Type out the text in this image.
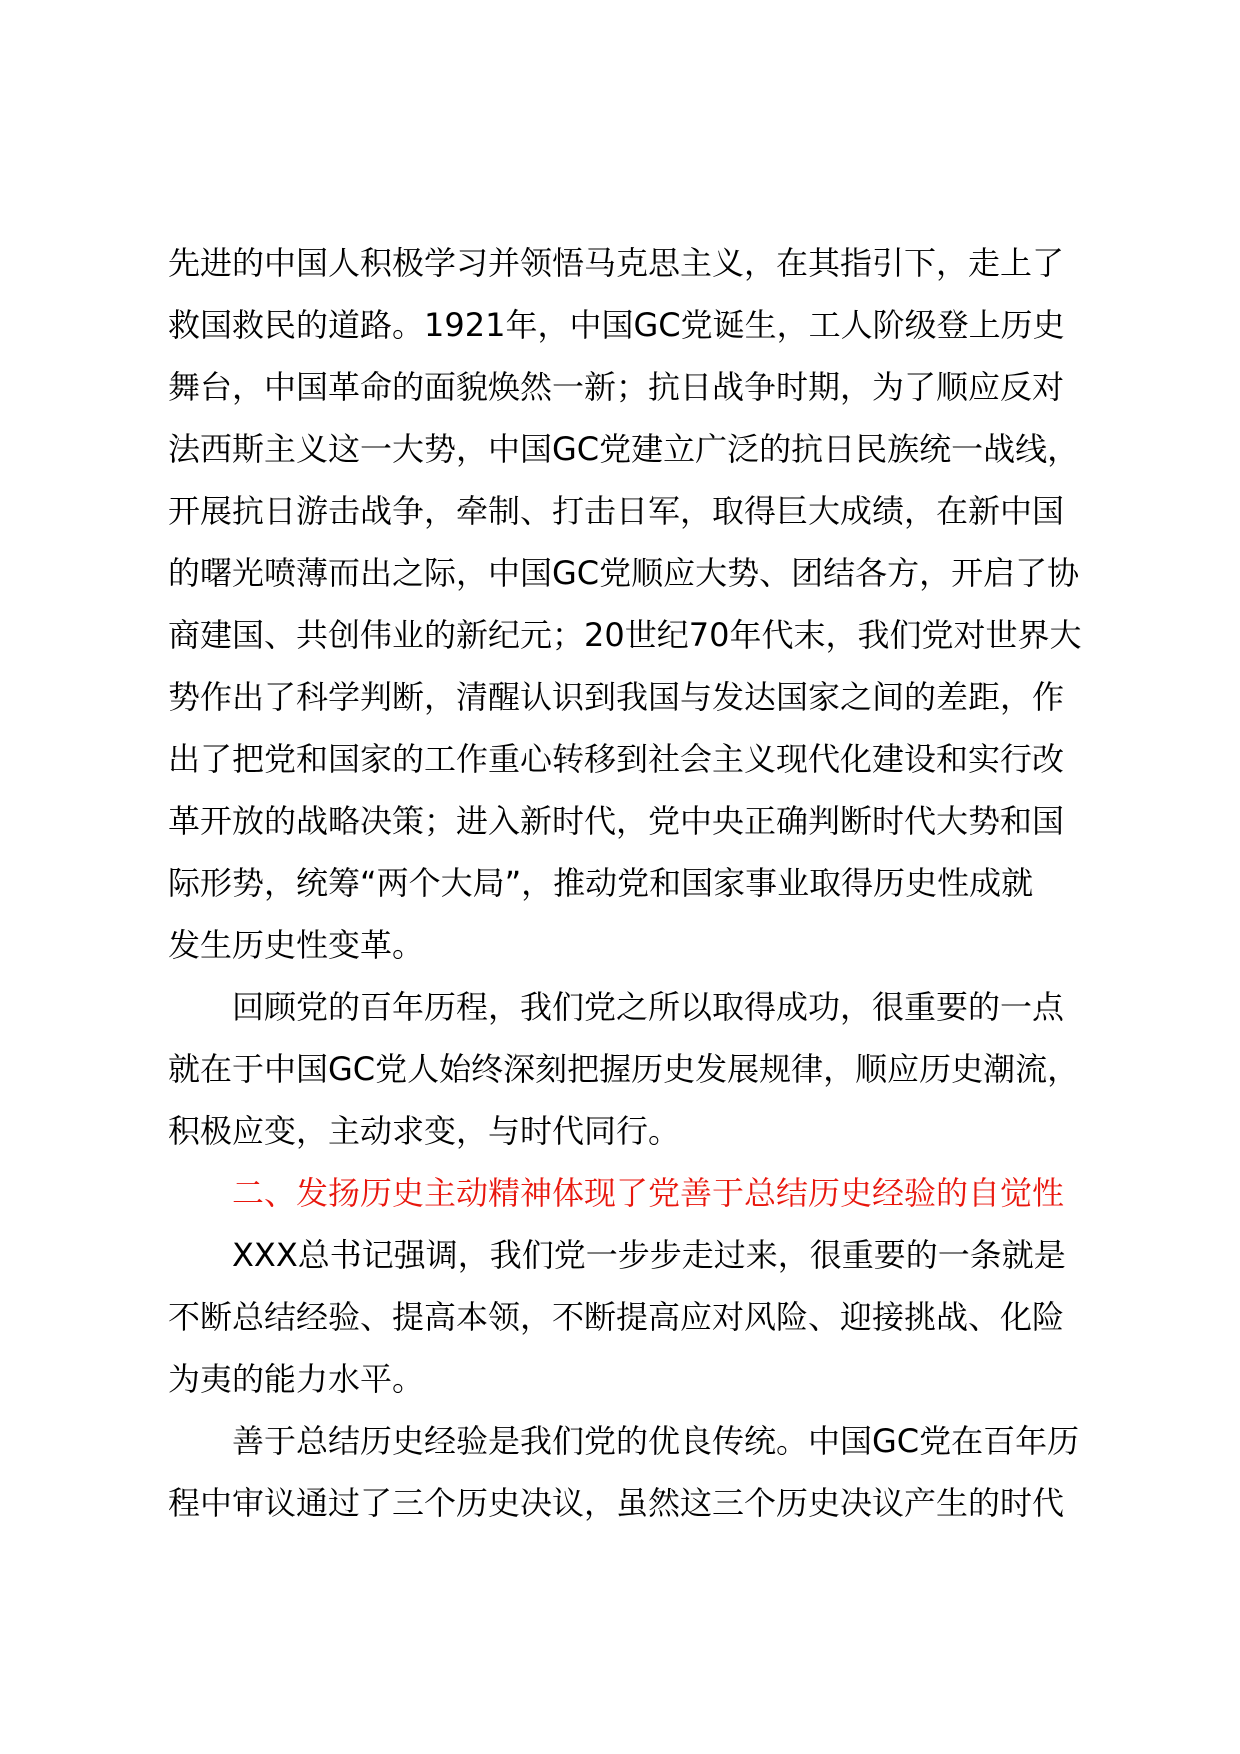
先进的中国人积极学习并领悟马克思主义，在其指引下，走上了
救国救民的道路。1921年，中国GC党诞生，工人阶级登上历史
舞台，中国革命的面貌焕然一新；抗日战争时期，为了顺应反对
法西斯主义这一大势，中国GC党建立广泛的抗日民族统一战线，
开展抗日游击战争，牵制、打击日军，取得巨大成绩，在新中国
的曙光喷薄而出之际，中国GC党顺应大势、团结各方，开启了协
商建国、共创伟业的新纪元；20世纪70年代末，我们党对世界大
势作出了科学判断，清醒认识到我国与发达国家之间的差距，作
出了把党和国家的工作重心转移到社会主义现代化建设和实行改
革开放的战略决策；进入新时代，党中央正确判断时代大势和国
际形势，统筹“两个大局”，推动党和国家事业取得历史性成就
发生历史性变革。
回顾党的百年历程，我们党之所以取得成功，很重要的一点
就在于中国GC党人始终深刻把握历史发展规律，顺应历史潮流，
积极应变，主动求变，与时代同行。
二、发扬历史主动精神体现了党善于总结历史经验的自觉性
XXX总书记强调，我们党一步步走过来，很重要的一条就是
不断总结经验、提高本领，不断提高应对风险、迎接挑战、化险
为夷的能力水平。
善于总结历史经验是我们党的优良传统。中国GC党在百年历
程中审议通过了三个历史决议，虽然这三个历史决议产生的时代
